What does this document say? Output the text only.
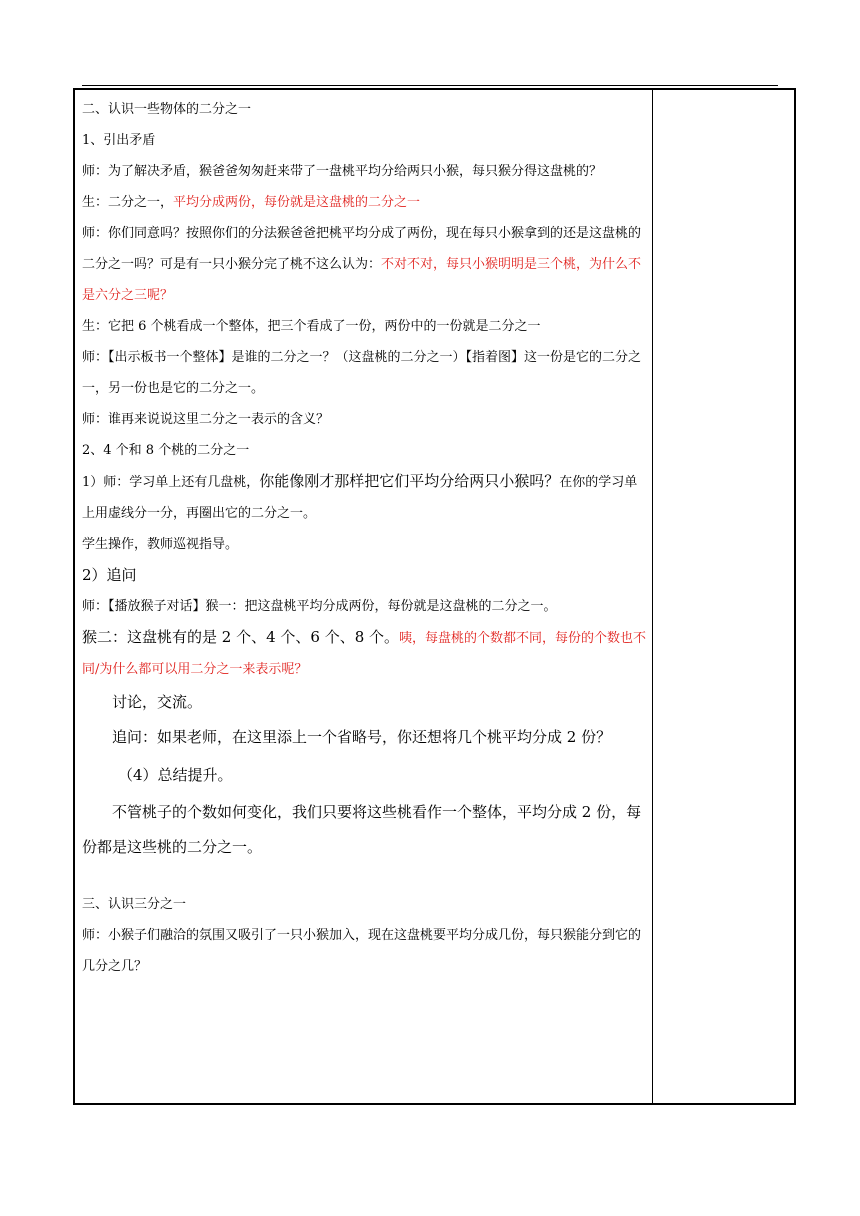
二、认识一些物体的二分之一
1、引出矛盾
师：为了解决矛盾，猴爸爸匆匆赶来带了一盘桃平均分给两只小猴，每只猴分得这盘桃的？
生：二分之一，平均分成两份，每份就是这盘桃的二分之一
师：你们同意吗？按照你们的分法猴爸爸把桃平均分成了两份，现在每只小猴拿到的还是这盘桃的二分之一吗？可是有一只小猴分完了桃不这么认为：不对不对，每只小猴明明是三个桃，为什么不是六分之三呢？
生：它把 6 个桃看成一个整体，把三个看成了一份，两份中的一份就是二分之一
师：【出示板书一个整体】是谁的二分之一？（这盘桃的二分之一）【指着图】这一份是它的二分之一，另一份也是它的二分之一。
师：谁再来说说这里二分之一表示的含义？
2、4 个和 8 个桃的二分之一
1）师：学习单上还有几盘桃，你能像刚才那样把它们平均分给两只小猴吗？在你的学习单上用虚线分一分，再圈出它的二分之一。
学生操作，教师巡视指导。
2）追问
师：【播放猴子对话】猴一：把这盘桃平均分成两份，每份就是这盘桃的二分之一。
猴二：这盘桃有的是 2 个、4 个、6 个、8 个。咦，每盘桃的个数都不同，每份的个数也不同/为什么都可以用二分之一来表示呢？
讨论，交流。
追问：如果老师，在这里添上一个省略号，你还想将几个桃平均分成 2 份？
（4）总结提升。
不管桃子的个数如何变化，我们只要将这些桃看作一个整体，平均分成 2 份，每份都是这些桃的二分之一。
三、认识三分之一
师：小猴子们融洽的氛围又吸引了一只小猴加入，现在这盘桃要平均分成几份，每只猴能分到它的几分之几？
